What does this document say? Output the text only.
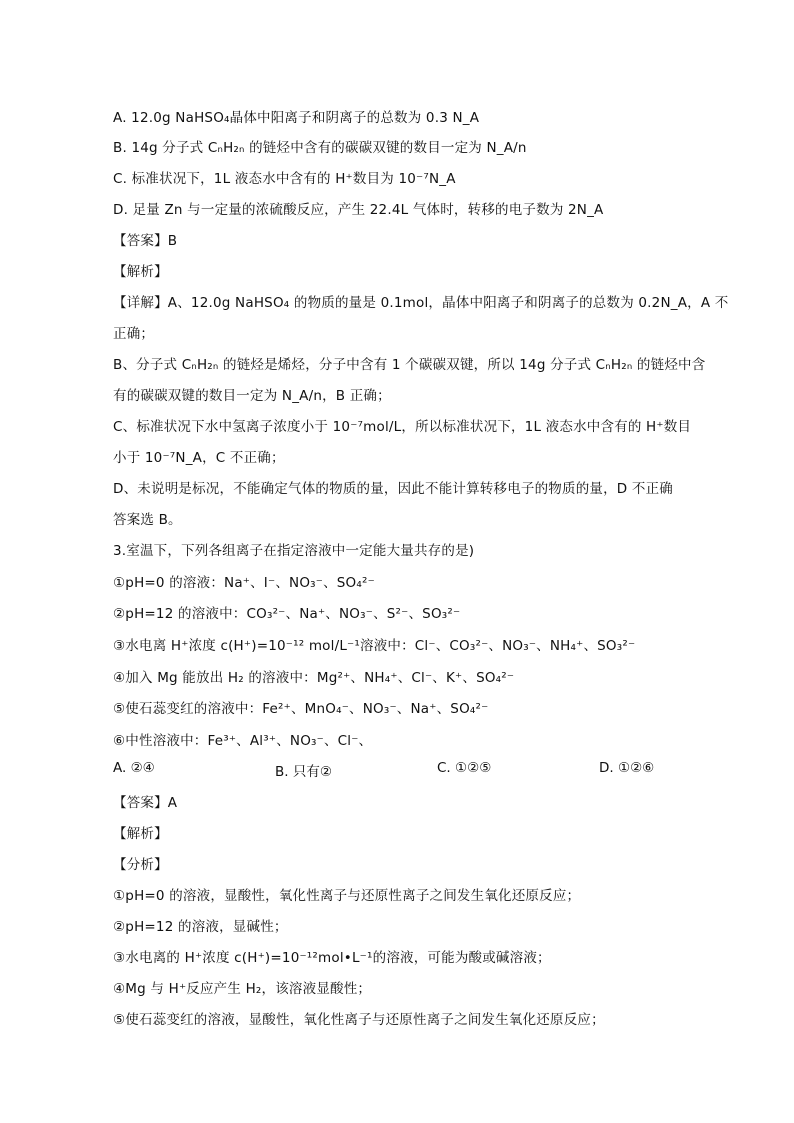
A. 12.0g NaHSO₄晶体中阳离子和阴离子的总数为 0.3 N_A
B. 14g 分子式 CₙH₂ₙ 的链烃中含有的碳碳双键的数目一定为 N_A/n
C. 标准状况下，1L 液态水中含有的 H⁺数目为 10⁻⁷N_A
D. 足量 Zn 与一定量的浓硫酸反应，产生 22.4L 气体时，转移的电子数为 2N_A
【答案】B
【解析】
【详解】A、12.0g NaHSO₄ 的物质的量是 0.1mol，晶体中阳离子和阴离子的总数为 0.2N_A，A 不
正确；
B、分子式 CₙH₂ₙ 的链烃是烯烃，分子中含有 1 个碳碳双键，所以 14g 分子式 CₙH₂ₙ 的链烃中含
有的碳碳双键的数目一定为 N_A/n，B 正确；
C、标准状况下水中氢离子浓度小于 10⁻⁷mol/L，所以标准状况下，1L 液态水中含有的 H⁺数目
小于 10⁻⁷N_A，C 不正确；
D、未说明是标况，不能确定气体的物质的量，因此不能计算转移电子的物质的量，D 不正确
答案选 B。
3.室温下，下列各组离子在指定溶液中一定能大量共存的是)
①pH=0 的溶液：Na⁺、I⁻、NO₃⁻、SO₄²⁻
②pH=12 的溶液中：CO₃²⁻、Na⁺、NO₃⁻、S²⁻、SO₃²⁻
③水电离 H⁺浓度 c(H⁺)=10⁻¹² mol/L⁻¹溶液中：Cl⁻、CO₃²⁻、NO₃⁻、NH₄⁺、SO₃²⁻
④加入 Mg 能放出 H₂ 的溶液中：Mg²⁺、NH₄⁺、Cl⁻、K⁺、SO₄²⁻
⑤使石蕊变红的溶液中：Fe²⁺、MnO₄⁻、NO₃⁻、Na⁺、SO₄²⁻
⑥中性溶液中：Fe³⁺、Al³⁺、NO₃⁻、Cl⁻、
A. ②④	B. 只有②	C. ①②⑤	D. ①②⑥
【答案】A
【解析】
【分析】
①pH=0 的溶液，显酸性，氧化性离子与还原性离子之间发生氧化还原反应；
②pH=12 的溶液，显碱性；
③水电离的 H⁺浓度 c(H⁺)=10⁻¹²mol•L⁻¹的溶液，可能为酸或碱溶液；
④Mg 与 H⁺反应产生 H₂，该溶液显酸性；
⑤使石蕊变红的溶液，显酸性，氧化性离子与还原性离子之间发生氧化还原反应；
